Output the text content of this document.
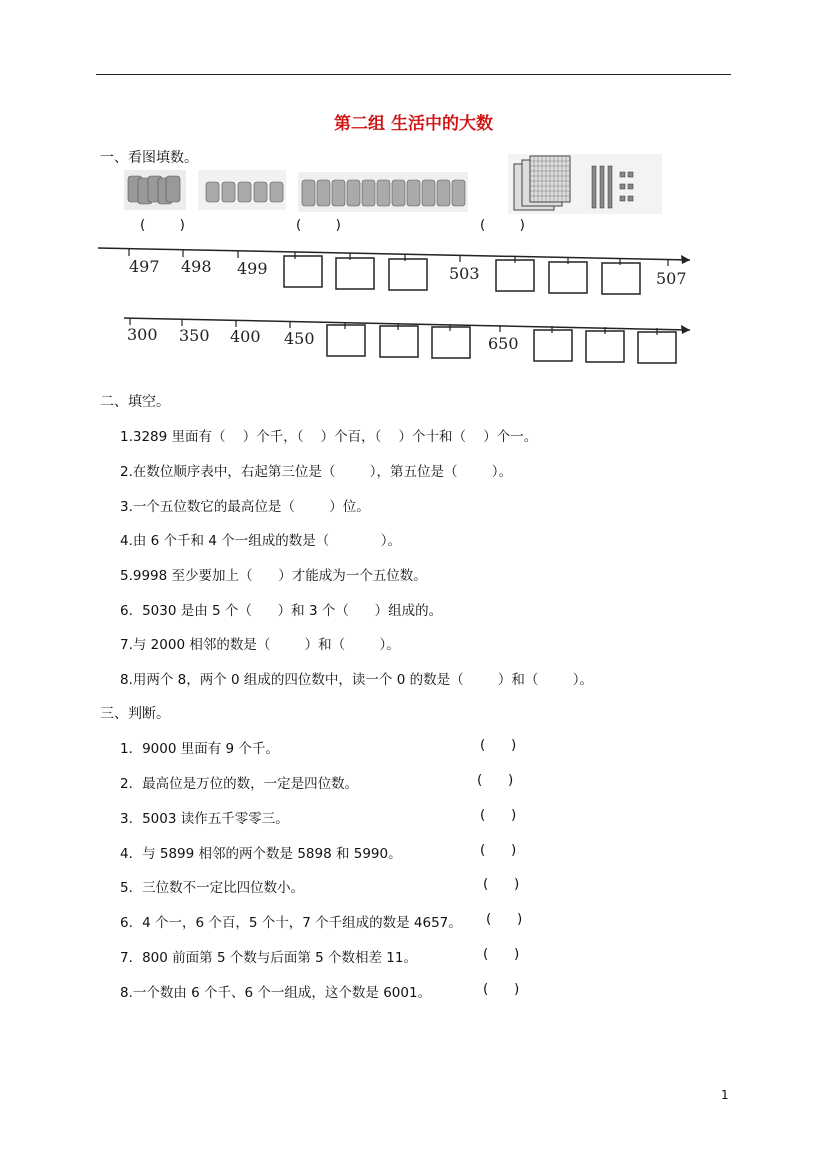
第二组 生活中的大数
一、看图填数。
497 498 499	503	507
300 350 400 450	650
(        )	(        )	(        )
二、填空。
1.3289 里面有（    ）个千，（    ）个百，（    ）个十和（    ）个一。
2.在数位顺序表中，右起第三位是（        ），第五位是（        ）。
3.一个五位数它的最高位是（        ）位。
4.由 6 个千和 4 个一组成的数是（            ）。
5.9998 至少要加上（      ）才能成为一个五位数。
6．5030 是由 5 个（      ）和 3 个（      ）组成的。
7.与 2000 相邻的数是（        ）和（        ）。
8.用两个 8，两个 0 组成的四位数中，读一个 0 的数是（        ）和（        ）。
三、判断。
1．9000 里面有 9 个千。	(      )
2．最高位是万位的数，一定是四位数。	(      )
3．5003 读作五千零零三。	(      )
4．与 5899 相邻的两个数是 5898 和 5990。	(      )
5．三位数不一定比四位数小。	(      )
6．4 个一，6 个百，5 个十，7 个千组成的数是 4657。 (      )
7．800 前面第 5 个数与后面第 5 个数相差 11。	(      )
8.一个数由 6 个千、6 个一组成，这个数是 6001。	(      )
1
